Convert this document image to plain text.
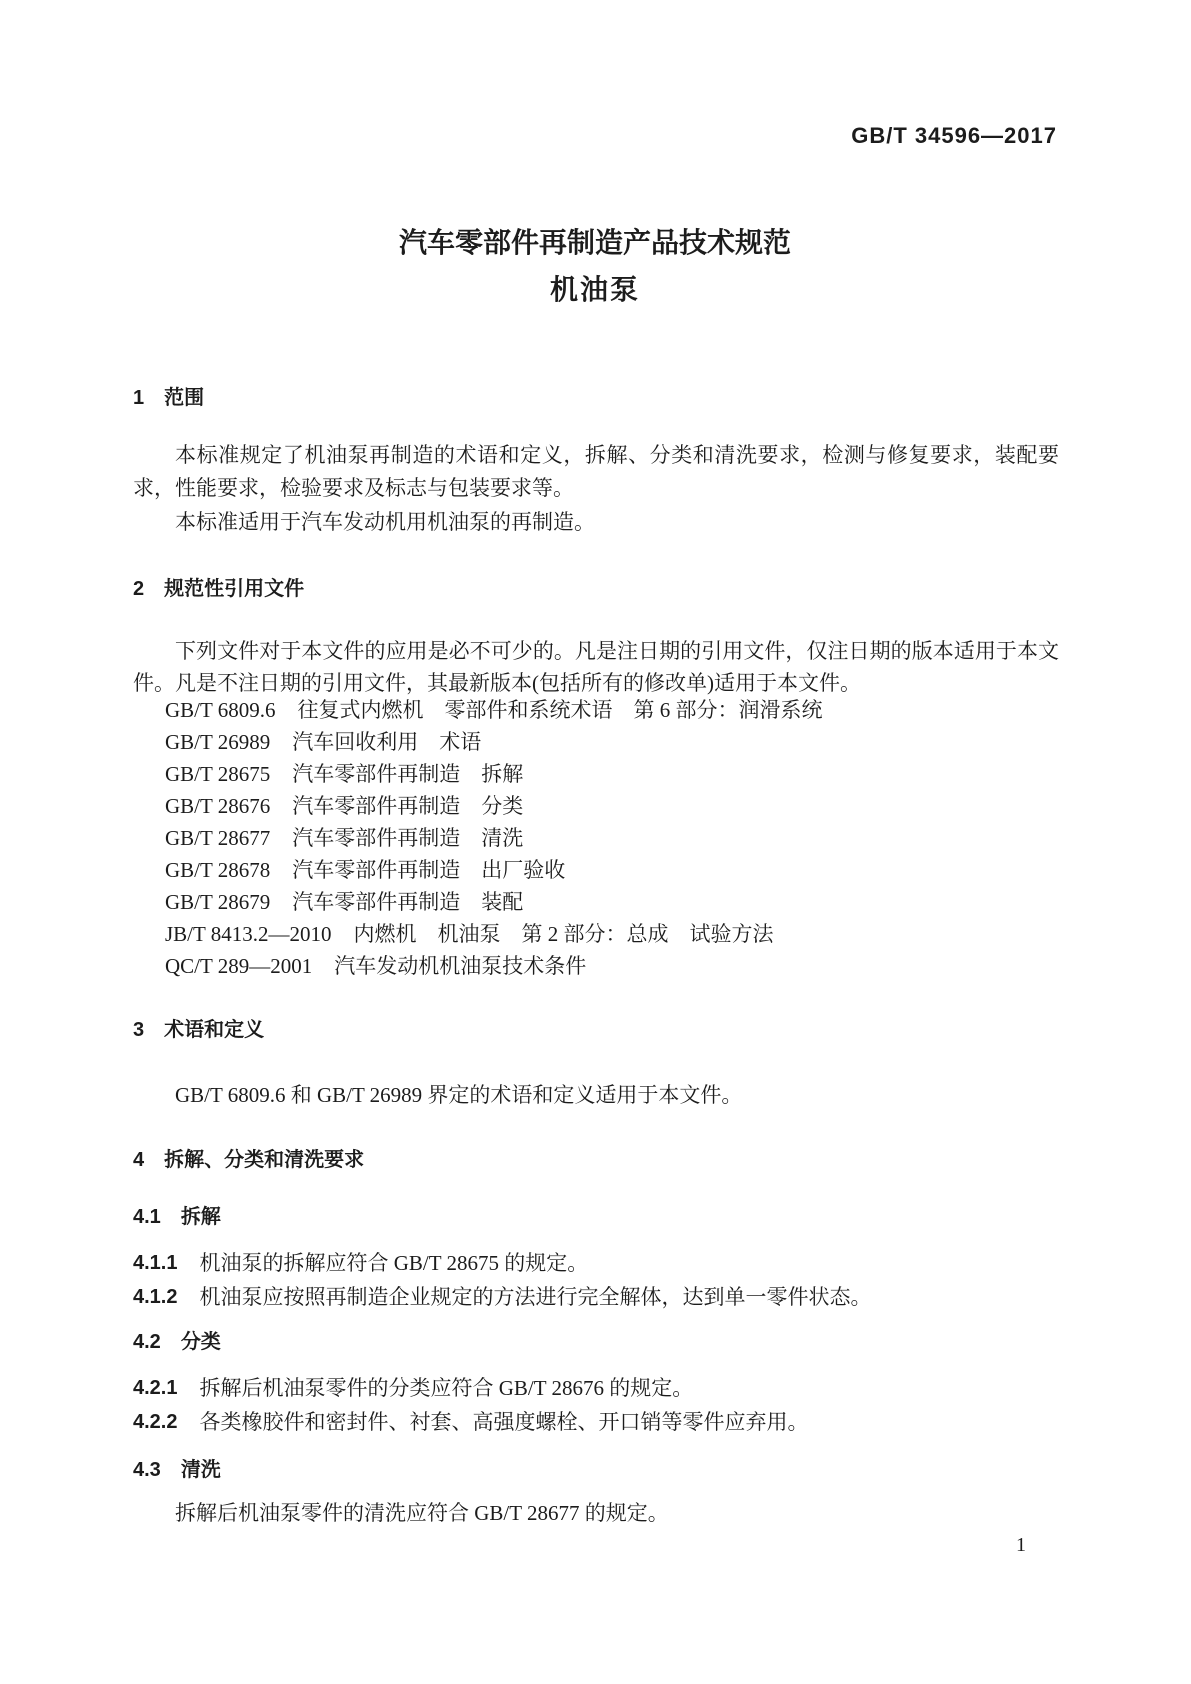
GB/T 34596—2017
汽车零部件再制造产品技术规范
机油泵
1 范围
本标准规定了机油泵再制造的术语和定义，拆解、分类和清洗要求，检测与修复要求，装配要求，性能要求，检验要求及标志与包装要求等。
本标准适用于汽车发动机用机油泵的再制造。
2 规范性引用文件
下列文件对于本文件的应用是必不可少的。凡是注日期的引用文件，仅注日期的版本适用于本文件。凡是不注日期的引用文件，其最新版本(包括所有的修改单)适用于本文件。
GB/T 6809.6 往复式内燃机　零部件和系统术语　第 6 部分：润滑系统
GB/T 26989 汽车回收利用　术语
GB/T 28675 汽车零部件再制造　拆解
GB/T 28676 汽车零部件再制造　分类
GB/T 28677 汽车零部件再制造　清洗
GB/T 28678 汽车零部件再制造　出厂验收
GB/T 28679 汽车零部件再制造　装配
JB/T 8413.2—2010 内燃机　机油泵　第 2 部分：总成　试验方法
QC/T 289—2001 汽车发动机机油泵技术条件
3 术语和定义
GB/T 6809.6 和 GB/T 26989 界定的术语和定义适用于本文件。
4 拆解、分类和清洗要求
4.1 拆解
4.1.1 机油泵的拆解应符合 GB/T 28675 的规定。
4.1.2 机油泵应按照再制造企业规定的方法进行完全解体，达到单一零件状态。
4.2 分类
4.2.1 拆解后机油泵零件的分类应符合 GB/T 28676 的规定。
4.2.2 各类橡胶件和密封件、衬套、高强度螺栓、开口销等零件应弃用。
4.3 清洗
拆解后机油泵零件的清洗应符合 GB/T 28677 的规定。
1
